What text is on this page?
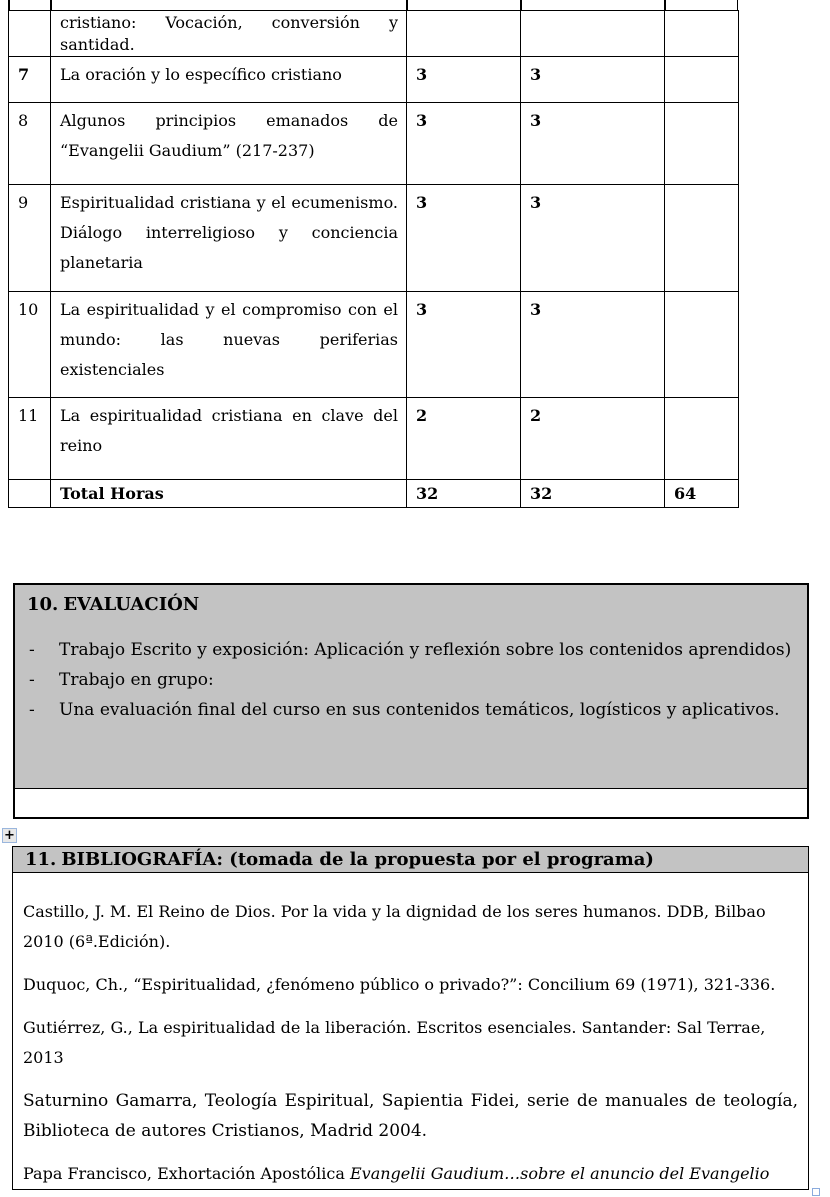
	cristiano: Vocación, conversión y santidad.			
7	La oración y lo específico cristiano	3	3	
8	Algunos principios emanados de “Evangelii Gaudium” (217-237)	3	3	
9	Espiritualidad cristiana y el ecumenismo. Diálogo interreligioso y conciencia planetaria	3	3	
10	La espiritualidad y el compromiso con el mundo: las nuevas periferias existenciales	3	3	
11	La espiritualidad cristiana en clave del reino	2	2	
	Total Horas	32	32	64
10. EVALUACIÓN
- Trabajo Escrito y exposición: Aplicación y reflexión sobre los contenidos aprendidos)
- Trabajo en grupo:
- Una evaluación final del curso en sus contenidos temáticos, logísticos y aplicativos.
+
11. BIBLIOGRAFÍA: (tomada de la propuesta por el programa)

Castillo, J. M. El Reino de Dios. Por la vida y la dignidad de los seres humanos. DDB, Bilbao 2010 (6ª.Edición).

Duquoc, Ch., “Espiritualidad, ¿fenómeno público o privado?”: Concilium 69 (1971), 321-336.

Gutiérrez, G., La espiritualidad de la liberación. Escritos esenciales. Santander: Sal Terrae, 2013

Saturnino Gamarra, Teología Espiritual, Sapientia Fidei, serie de manuales de teología, Biblioteca de autores Cristianos, Madrid 2004.

Papa Francisco, Exhortación Apostólica Evangelii Gaudium…sobre el anuncio del Evangelio
